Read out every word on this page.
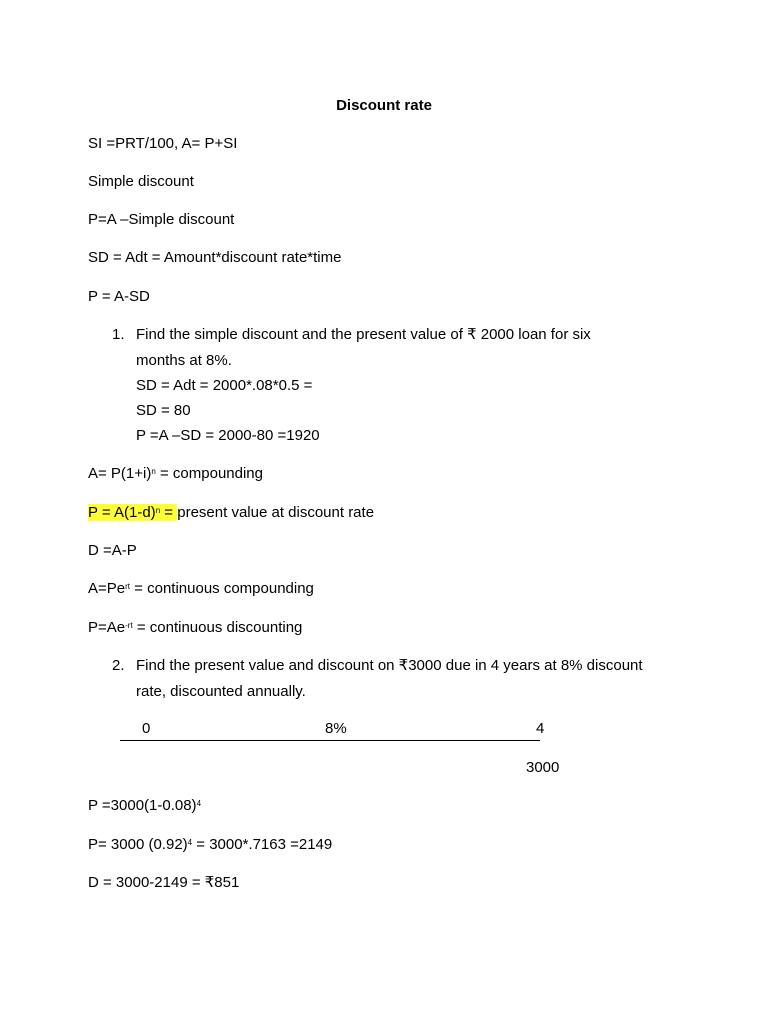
Discount rate
SI =PRT/100, A= P+SI
Simple discount
P=A –Simple discount
SD = Adt = Amount*discount rate*time
P = A-SD
1. Find the simple discount and the present value of ₹ 2000 loan for six
months at 8%.
SD = Adt = 2000*.08*0.5 =
SD = 80
P =A –SD = 2000-80 =1920
$A= P(1+i)^n$ = compounding
$P = A(1-d)^n$ = present value at discount rate
D =A-P
$A=Pe^{rt}$ = continuous compounding
$P=Ae^{-rt}$ = continuous discounting
2. Find the present value and discount on ₹3000 due in 4 years at 8% discount
rate, discounted annually.
0	8%	4
3000
$P =3000(1-0.08)^4$
P= 3000 $(0.92)^4 = 3000*.7163 =2149$
D = 3000-2149 = ₹851
